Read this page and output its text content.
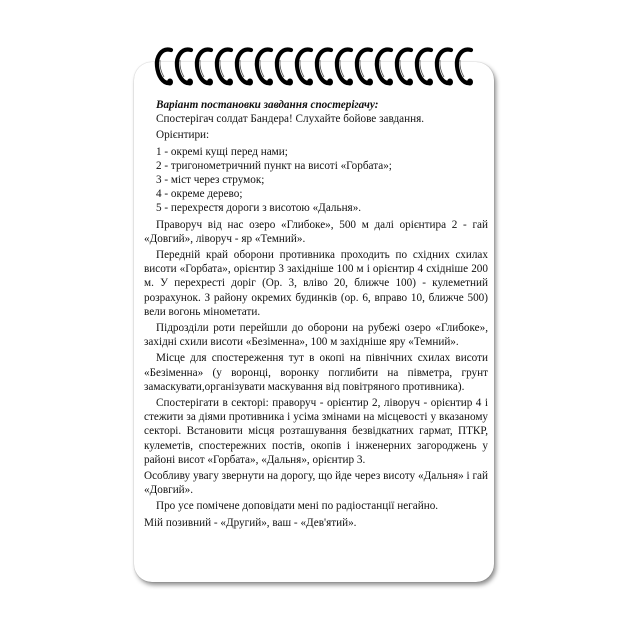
Варіант постановки завдання спостерігачу:

Спостерігач солдат Бандера! Слухайте бойове завдання.

Орієнтири:

1 - окремі кущі перед нами;
2 - тригонометричний пункт на висоті «Горбата»;
3 - міст через струмок;
4 - окреме дерево;
5 - перехрестя дороги з висотою «Дальня».

Праворуч від нас озеро «Глибоке», 500 м далі орієнтира 2 - гай «Довгий», ліворуч - яр «Темний».

Передній край оборони противника проходить по східних схилах висоти «Горбата», орієнтир 3 західніше 100 м і орієнтир 4 східніше 200 м. У перехресті доріг (Ор. 3, вліво 20, ближче 100) - кулеметний розрахунок. З району окремих будинків (ор. 6, вправо 10, ближче 500) вели вогонь мінометати.

Підрозділи роти перейшли до оборони на рубежі озеро «Глибоке», західні схили висоти «Безіменна», 100 м західніше яру «Темний».

Місце для спостереження тут в окопі на північних схилах висоти «Безіменна» (у воронці, воронку поглибити на півметра, грунт замаскувати,організувати маскування від повітряного противника).

Спостерігати в секторі: праворуч - орієнтир 2, ліворуч - орієнтир 4 і стежити за діями противника і усіма змінами на місцевості у вказаному секторі. Встановити місця розташування безвідкатних гармат, ПТКР, кулеметів, спостережних постів, окопів і інженерних загороджень у районі висот «Горбата», «Дальня», орієнтир 3.

Особливу увагу звернути на дорогу, що йде через висоту «Дальня» і гай «Довгий».

Про усе помічене доповідати мені по радіостанції негайно.

Мій позивний - «Другий», ваш - «Дев'ятий».
